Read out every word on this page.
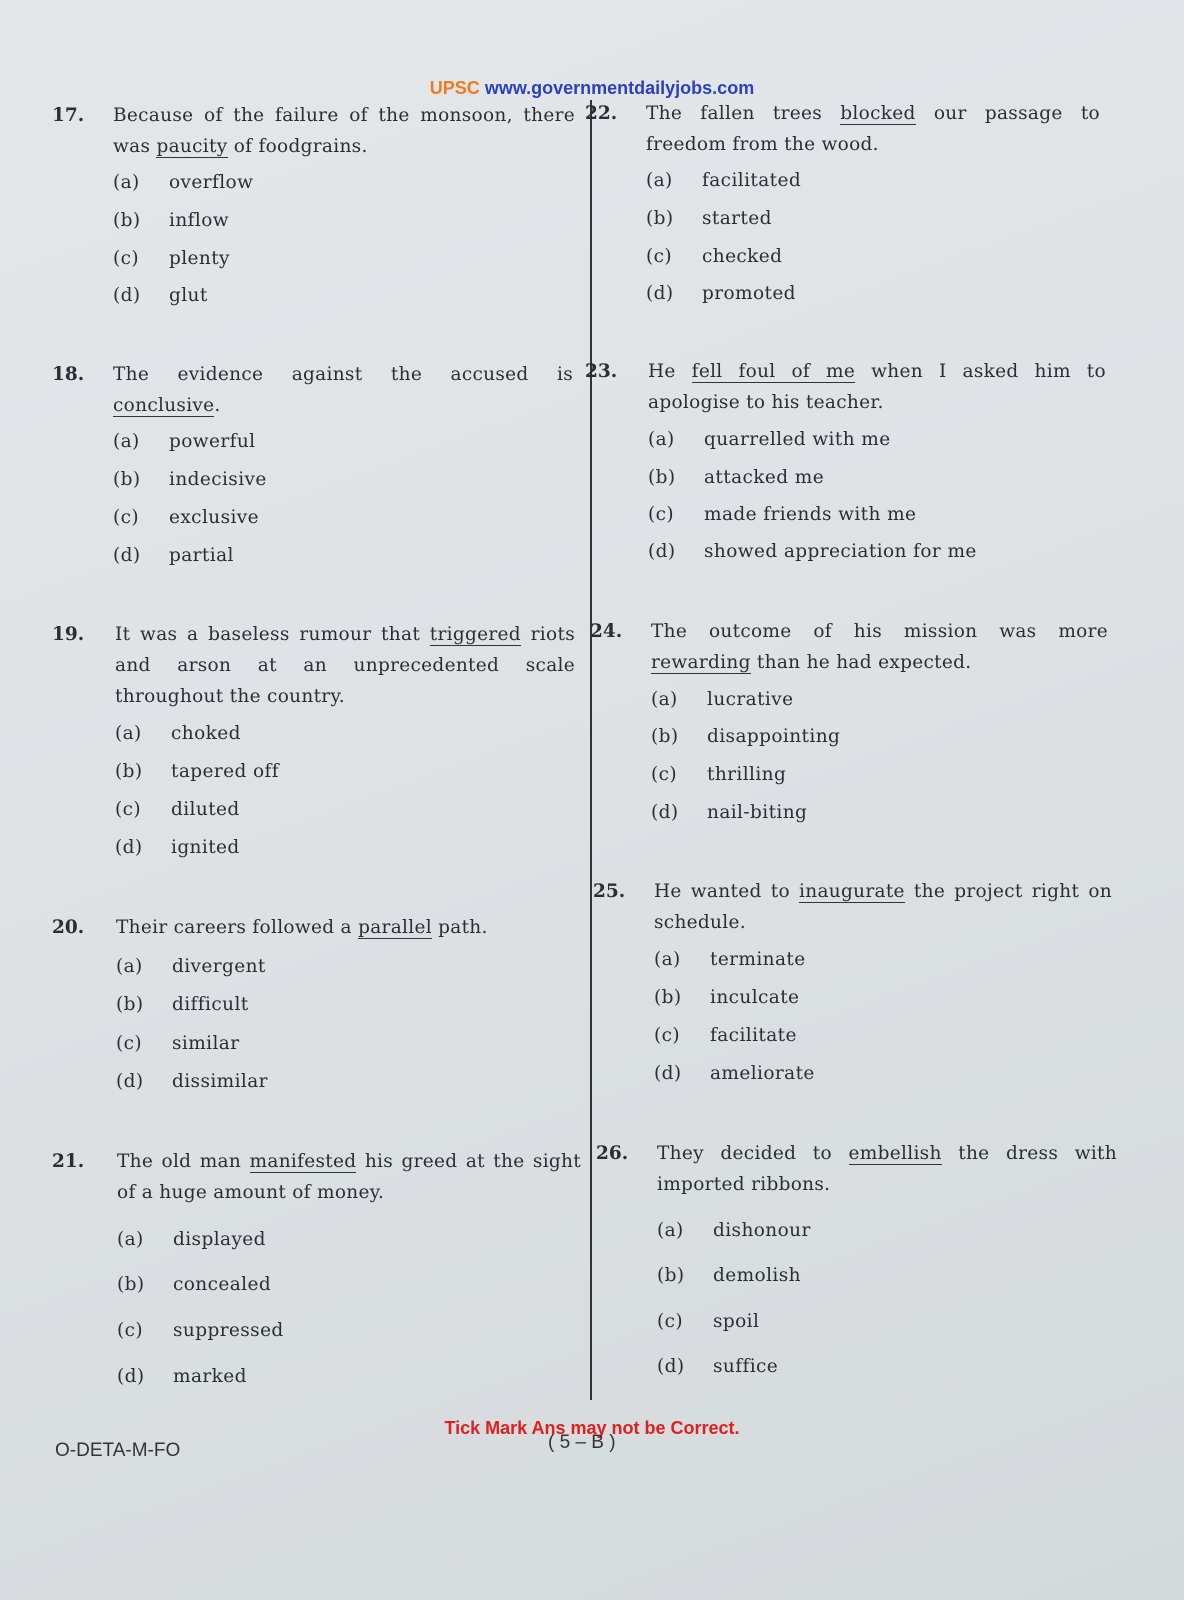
UPSC www.governmentdailyjobs.com
17. Because of the failure of the monsoon, there was paucity of foodgrains.
(a) overflow
(b) inflow
(c) plenty
(d) glut
18. The evidence against the accused is conclusive.
(a) powerful
(b) indecisive
(c) exclusive
(d) partial
19. It was a baseless rumour that triggered riots and arson at an unprecedented scale throughout the country.
(a) choked
(b) tapered off
(c) diluted
(d) ignited
20. Their careers followed a parallel path.
(a) divergent
(b) difficult
(c) similar
(d) dissimilar
21. The old man manifested his greed at the sight of a huge amount of money.
(a) displayed
(b) concealed
(c) suppressed
(d) marked
22. The fallen trees blocked our passage to freedom from the wood.
(a) facilitated
(b) started
(c) checked
(d) promoted
23. He fell foul of me when I asked him to apologise to his teacher.
(a) quarrelled with me
(b) attacked me
(c) made friends with me
(d) showed appreciation for me
24. The outcome of his mission was more rewarding than he had expected.
(a) lucrative
(b) disappointing
(c) thrilling
(d) nail-biting
25. He wanted to inaugurate the project right on schedule.
(a) terminate
(b) inculcate
(c) facilitate
(d) ameliorate
26. They decided to embellish the dress with imported ribbons.
(a) dishonour
(b) demolish
(c) spoil
(d) suffice
Tick Mark Ans may not be Correct.
O-DETA-M-FO	( 5 – B )
